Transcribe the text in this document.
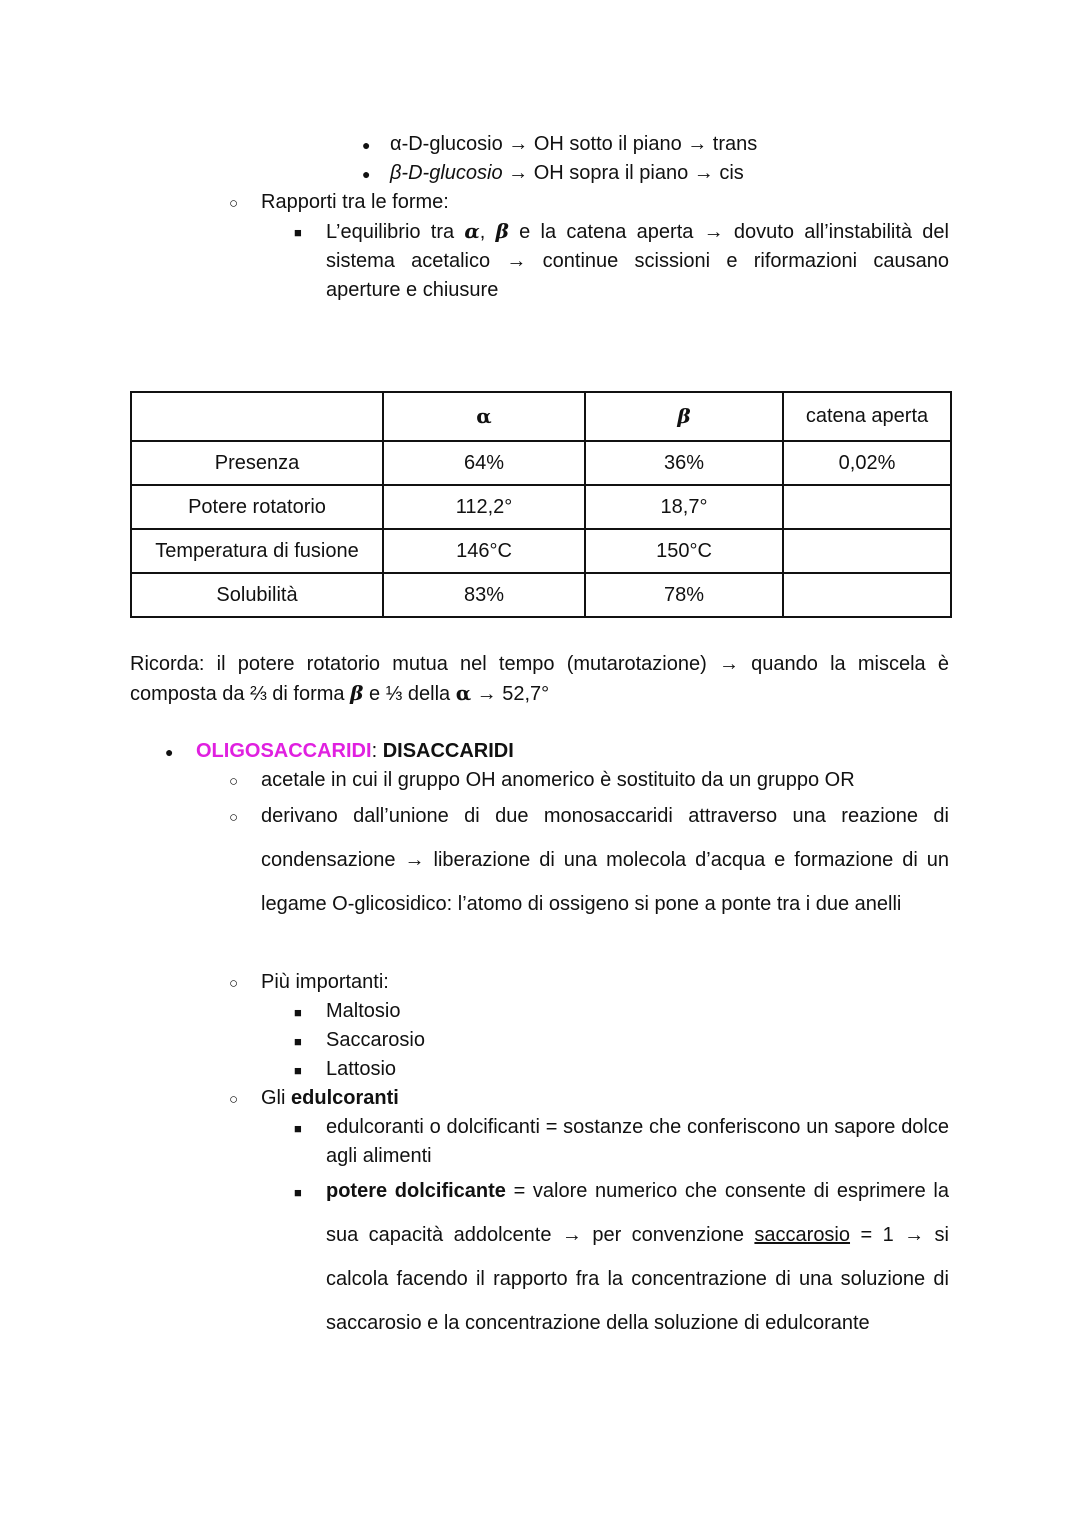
●
α-D-glucosio → OH sotto il piano → trans
●
β-D-glucosio → OH sopra il piano → cis
○
Rapporti tra le forme:
■
L’equilibrio tra α, β e la catena aperta → dovuto all’instabilità del sistema acetalico → continue scissioni e riformazioni causano aperture e chiusure
	α	β	catena aperta
Presenza	64%	36%	0,02%
Potere rotatorio	112,2°	18,7°	
Temperatura di fusione	146°C	150°C	
Solubilità	83%	78%	
Ricorda: il potere rotatorio mutua nel tempo (mutarotazione) → quando la miscela è composta da ⅔ di forma β e ⅓ della α → 52,7°
●
OLIGOSACCARIDI: DISACCARIDI
○
acetale in cui il gruppo OH anomerico è sostituito da un gruppo OR
○
derivano dall’unione di due monosaccaridi attraverso una reazione di condensazione → liberazione di una molecola d’acqua e formazione di un legame O-glicosidico: l’atomo di ossigeno si pone a ponte tra i due anelli
○
Più importanti:
■
Maltosio
■
Saccarosio
■
Lattosio
○
Gli edulcoranti
■
edulcoranti o dolcificanti = sostanze che conferiscono un sapore dolce agli alimenti
■
potere dolcificante = valore numerico che consente di esprimere la sua capacità addolcente → per convenzione saccarosio = 1 → si calcola facendo il rapporto fra la concentrazione di una soluzione di saccarosio e la concentrazione della soluzione di edulcorante
